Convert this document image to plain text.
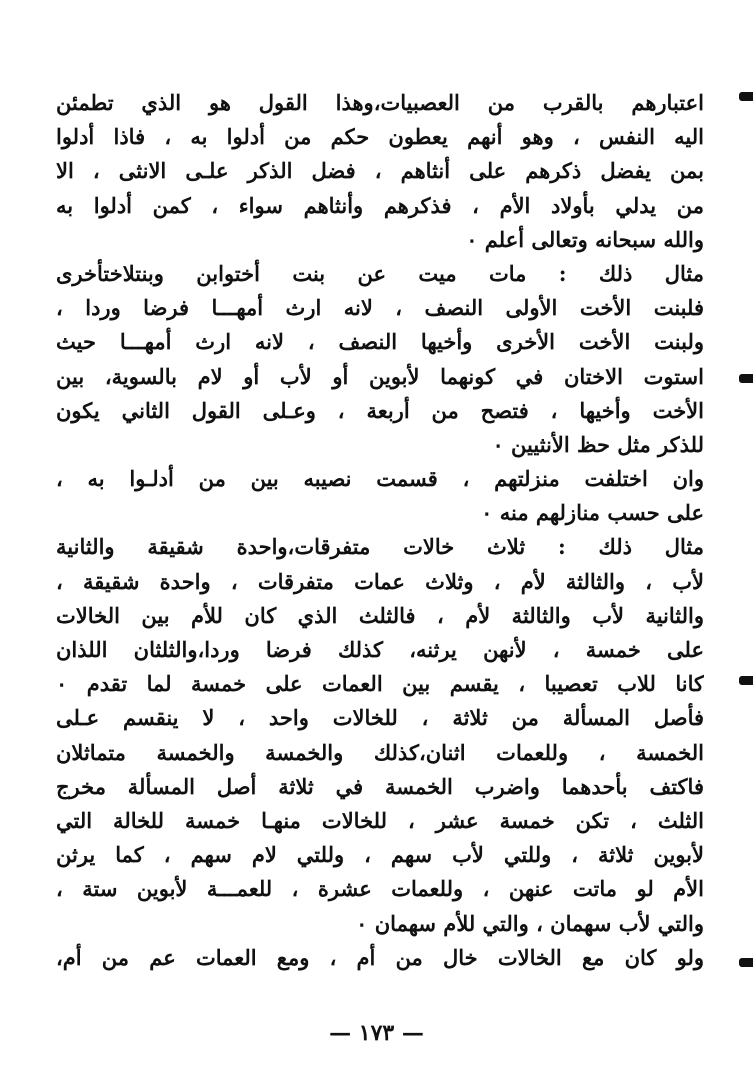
اعتبارهم بالقرب من العصبيات،وهذا القول هو الذي تطمئن
اليه النفس ، وهو أنهم يعطون حكم من أدلوا به ، فاذا أدلوا
بمن يفضل ذكرهم على أنثاهم ، فضل الذكر علـى الانثى ، الا
من يدلي بأولاد الأم ، فذكرهم وأنثاهم سواء ، كمن أدلوا به
والله سبحانه وتعالى أعلم ٠
مثال ذلك : مات ميت عن بنت أختوابن وبنتلاختأخرى
فلبنت الأخت الأولى النصف ، لانه ارث أمهـــا فرضا وردا ،
ولبنت الأخت الأخرى وأخيها النصف ، لانه ارث أمهـــا حيث
استوت الاختان في كونهما لأبوين أو لأب أو لام بالسوية، بين
الأخت وأخيها ، فتصح من أربعة ، وعـلى القول الثاني يكون
للذكر مثل حظ الأنثيين ٠
وان اختلفت منزلتهم ، قسمت نصيبه بين من أدلـوا به ،
على حسب منازلهم منه ٠
مثال ذلك : ثلاث خالات متفرقات،واحدة شقيقة والثانية
لأب ، والثالثة لأم ، وثلاث عمات متفرقات ، واحدة شقيقة ،
والثانية لأب والثالثة لأم ، فالثلث الذي كان للأم بين الخالات
على خمسة ، لأنهن يرثنه، كذلك فرضا وردا،والثلثان اللذان
كانا للاب تعصيبا ، يقسم بين العمات على خمسة لما تقدم ٠
فأصل المسألة من ثلاثة ، للخالات واحد ، لا ينقسم عـلى
الخمسة ، وللعمات اثنان،كذلك والخمسة والخمسة متماثلان
فاكتف بأحدهما واضرب الخمسة في ثلاثة أصل المسألة مخرج
الثلث ، تكن خمسة عشر ، للخالات منهـا خمسة للخالة التي
لأبوين ثلاثة ، وللتي لأب سهم ، وللتي لام سهم ، كما يرثن
الأم لو ماتت عنهن ، وللعمات عشرة ، للعمـــة لأبوين ستة ،
والتي لأب سهمان ، والتي للأم سهمان ٠
ولو كان مع الخالات خال من أم ، ومع العمات عم من أم،
— ١٧٣ —
